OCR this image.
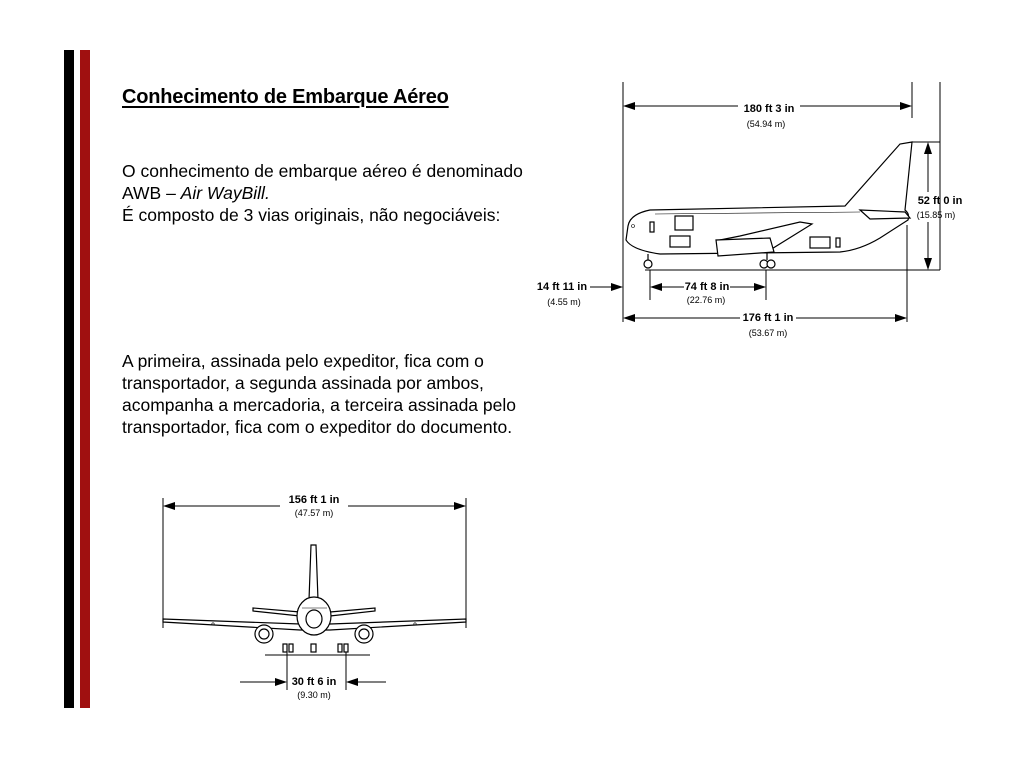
Conhecimento de Embarque Aéreo
O conhecimento de embarque aéreo é denominado
AWB – Air WayBill.
É composto de 3 vias originais, não negociáveis:
A primeira, assinada pelo expeditor, fica com o
transportador, a segunda assinada por ambos,
acompanha a mercadoria, a terceira assinada pelo
transportador, fica com o expeditor do documento.
180 ft 3 in
(54.94 m)
52 ft 0 in
(15.85 m)
14 ft 11 in
(4.55 m)
74 ft 8 in
(22.76 m)
176 ft 1 in
(53.67 m)
156 ft 1 in
(47.57 m)
30 ft 6 in
(9.30 m)
